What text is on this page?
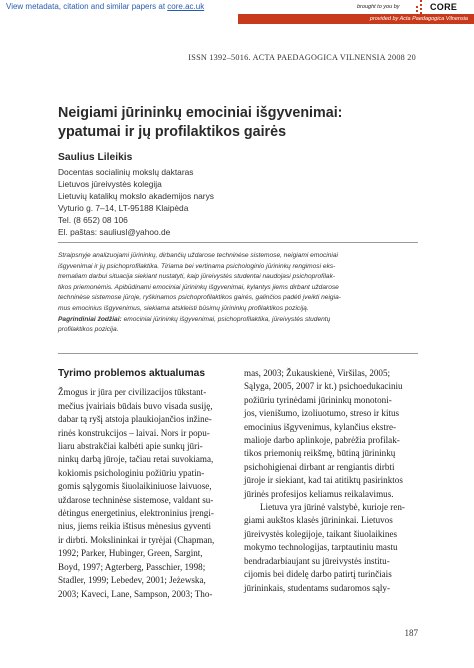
View metadata, citation and similar papers at core.ac.uk	brought to you by	CORE
provided by Acta Paedagogica Vilnensia
ISSN 1392–5016. ACTA PAEDAGOGICA VILNENSIA 2008 20
Neigiami jūrininkų emociniai išgyvenimai:
ypatumai ir jų profilaktikos gairės
Saulius Lileikis
Docentas socialinių mokslų daktaras
Lietuvos jūreivystės kolegija
Lietuvių katalikų mokslo akademijos narys
Vyturio g. 7–14, LT-95188 Klaipėda
Tel. (8 652) 08 106
El. paštas: sauliusl@yahoo.de
Straipsnyje analizuojami jūrininkų, dirbančių uždarose techninėse sistemose, neigiami emociniai
išgyvenimai ir jų psichoprofilaktika. Tiriama bei vertinama psichologinio jūrininkų rengimosi eks-
tremaliam darbui situacija siekiant nustatyti, kaip jūreivystės studentai naudojasi psichoprofilak-
tikos priemonėmis. Apibūdinami emociniai jūrininkų išgyvenimai, kylantys jiems dirbant uždarose
techninėse sistemose jūroje, ryškinamos psichoprofilaktikos gairės, galinčios padėti įveikti neigia-
mus emocinius išgyvenimus, siekiama atskleisti būsimų jūrininkų profilaktikos poziciją.
Pagrindiniai žodžiai: emociniai jūrininkų išgyvenimai, psichoprofilaktika, jūreivystės studentų
profilaktikos pozicija.
Tyrimo problemos aktualumas
Žmogus ir jūra per civilizacijos tūkstant-
mečius įvairiais būdais buvo visada susiję,
dabar tą ryšį atstoja plaukiojančios inžine-
rinės konstrukcijos – laivai. Nors ir popu-
liaru abstrakčiai kalbėti apie sunkų jūri-
ninkų darbą jūroje, tačiau retai suvokiama,
kokiomis psichologiniu požiūriu ypatin-
gomis sąlygomis šiuolaikiniuose laivuose,
uždarose techninėse sistemose, valdant su-
dėtingus energetinius, elektroninius įrengi-
nius, jiems reikia ištisus mėnesius gyventi
ir dirbti. Mokslininkai ir tyrėjai (Chapman,
1992; Parker, Hubinger, Green, Sargint,
Boyd, 1997; Agterberg, Passchier, 1998;
Stadler, 1999; Lebedev, 2001; Jeżewska,
2003; Kaveci, Lane, Sampson, 2003; Tho-
mas, 2003; Žukauskienė, Viršilas, 2005;
Sąlyga, 2005, 2007 ir kt.) psichoedukaciniu
požiūriu tyrinėdami jūrininkų monotoni-
jos, vienišumo, izoliuotumo, streso ir kitus
emocinius išgyvenimus, kylančius ekstre-
malioje darbo aplinkoje, pabrėžia profilak-
tikos priemonių reikšmę, būtiną jūrininkų
psichohigienai dirbant ar rengiantis dirbti
jūroje ir siekiant, kad tai atitiktų pasirinktos
jūrinės profesijos keliamus reikalavimus.
Lietuva yra jūrinė valstybė, kurioje ren-
giami aukštos klasės jūrininkai. Lietuvos
jūreivystės kolegijoje, taikant šiuolaikines
mokymo technologijas, tarptautiniu mastu
bendradarbiaujant su jūreivystės institu-
cijomis bei didelę darbo patirtį turinčiais
jūrininkais, studentams sudaromos sąly-
187
